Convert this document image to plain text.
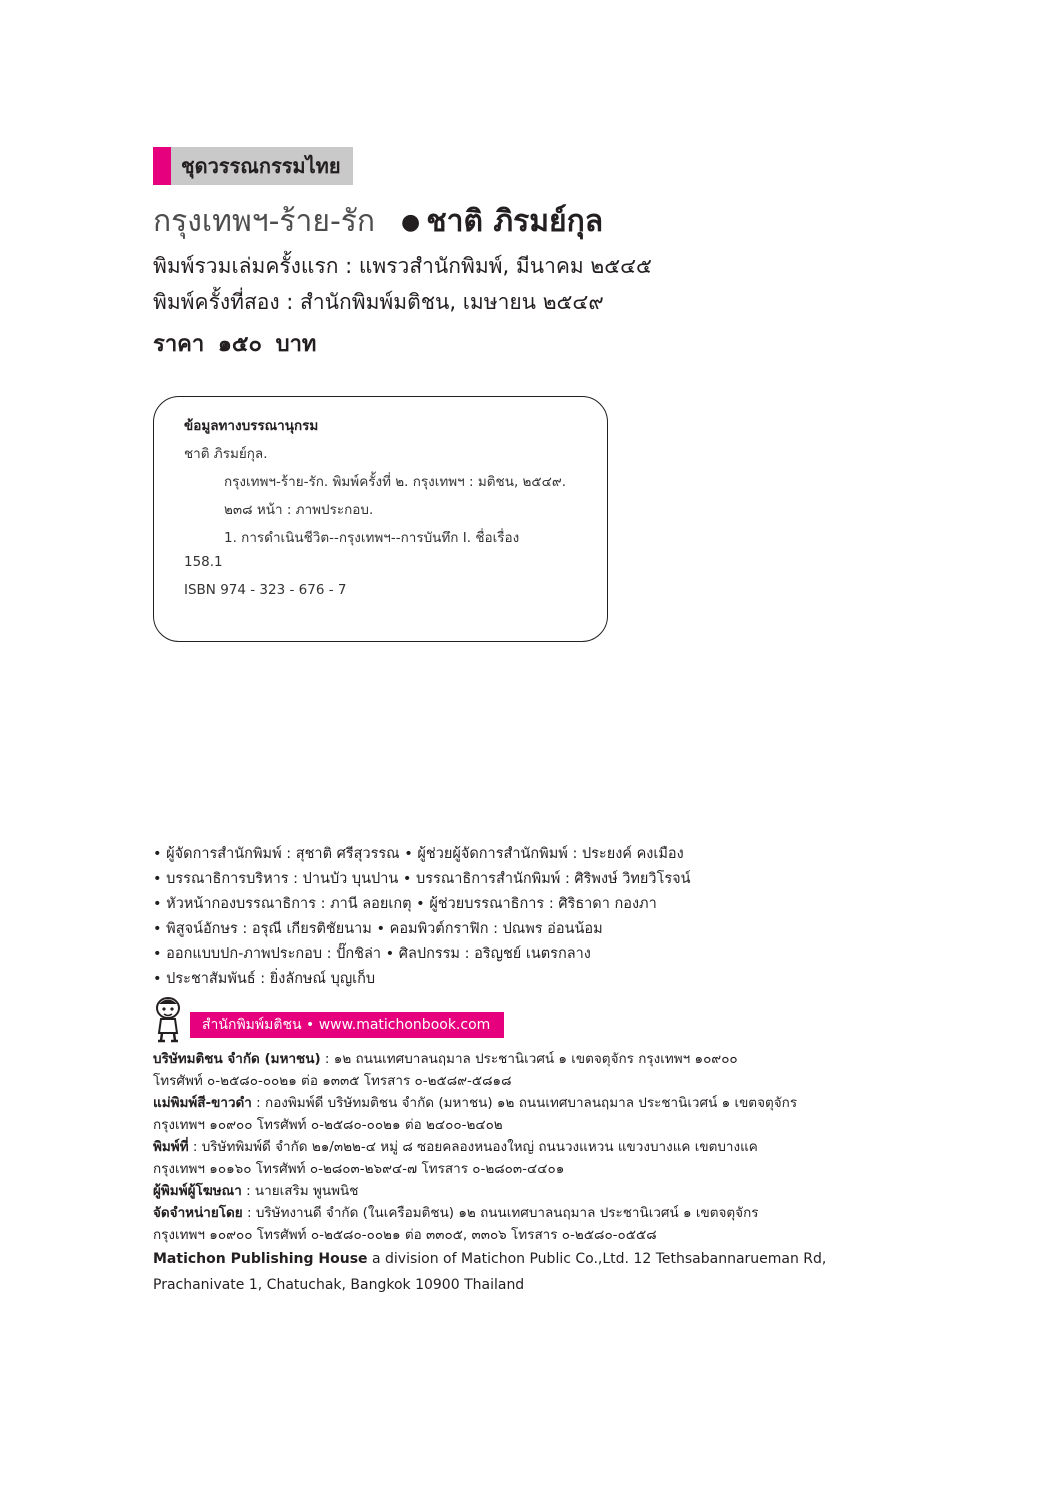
ชุดวรรณกรรมไทย
กรุงเทพฯ-ร้าย-รัก ● ชาติ ภิรมย์กุล
พิมพ์รวมเล่มครั้งแรก : แพรวสำนักพิมพ์, มีนาคม ๒๕๔๕
พิมพ์ครั้งที่สอง : สำนักพิมพ์มติชน, เมษายน ๒๕๔๙
ราคา ๑๕๐ บาท
ข้อมูลทางบรรณานุกรม
ชาติ ภิรมย์กุล.
กรุงเทพฯ-ร้าย-รัก. พิมพ์ครั้งที่ ๒. กรุงเทพฯ : มติชน, ๒๕๔๙.
๒๓๘ หน้า : ภาพประกอบ.
1. การดำเนินชีวิต--กรุงเทพฯ--การบันทึก I. ชื่อเรื่อง
158.1
ISBN 974 - 323 - 676 - 7
• ผู้จัดการสำนักพิมพ์ : สุชาติ ศรีสุวรรณ • ผู้ช่วยผู้จัดการสำนักพิมพ์ : ประยงค์ คงเมือง
• บรรณาธิการบริหาร : ปานบัว บุนปาน • บรรณาธิการสำนักพิมพ์ : ศิริพงษ์ วิทยวิโรจน์
• หัวหน้ากองบรรณาธิการ : ภานี ลอยเกตุ • ผู้ช่วยบรรณาธิการ : ศิริธาดา กองภา
• พิสูจน์อักษร : อรุณี เกียรติชัยนาม • คอมพิวต์กราฟิก : ปณพร อ่อนน้อม
• ออกแบบปก-ภาพประกอบ : ปั๊กชิล่า • ศิลปกรรม : อริญชย์ เนตรกลาง
• ประชาสัมพันธ์ : ยิ่งลักษณ์ บุญเก็บ
สำนักพิมพ์มติชน • www.matichonbook.com
บริษัทมติชน จำกัด (มหาชน) : ๑๒ ถนนเทศบาลนฤมาล ประชานิเวศน์ ๑ เขตจตุจักร กรุงเทพฯ ๑๐๙๐๐
โทรศัพท์ ๐-๒๕๘๐-๐๐๒๑ ต่อ ๑๓๓๕ โทรสาร ๐-๒๕๘๙-๕๘๑๘
แม่พิมพ์สี-ขาวดำ : กองพิมพ์ดี บริษัทมติชน จำกัด (มหาชน) ๑๒ ถนนเทศบาลนฤมาล ประชานิเวศน์ ๑ เขตจตุจักร
กรุงเทพฯ ๑๐๙๐๐ โทรศัพท์ ๐-๒๕๘๐-๐๐๒๑ ต่อ ๒๔๐๐-๒๔๐๒
พิมพ์ที่ : บริษัทพิมพ์ดี จำกัด ๒๑/๓๒๒-๔ หมู่ ๘ ซอยคลองหนองใหญ่ ถนนวงแหวน แขวงบางแค เขตบางแค
กรุงเทพฯ ๑๐๑๖๐ โทรศัพท์ ๐-๒๘๐๓-๒๖๙๔-๗ โทรสาร ๐-๒๘๐๓-๔๔๐๑
ผู้พิมพ์ผู้โฆษณา : นายเสริม พูนพนิช
จัดจำหน่ายโดย : บริษัทงานดี จำกัด (ในเครือมติชน) ๑๒ ถนนเทศบาลนฤมาล ประชานิเวศน์ ๑ เขตจตุจักร
กรุงเทพฯ ๑๐๙๐๐ โทรศัพท์ ๐-๒๕๘๐-๐๐๒๑ ต่อ ๓๓๐๕, ๓๓๐๖ โทรสาร ๐-๒๕๘๐-๐๕๕๘
Matichon Publishing House a division of Matichon Public Co.,Ltd. 12 Tethsabannarueman Rd,
Prachanivate 1, Chatuchak, Bangkok 10900 Thailand
